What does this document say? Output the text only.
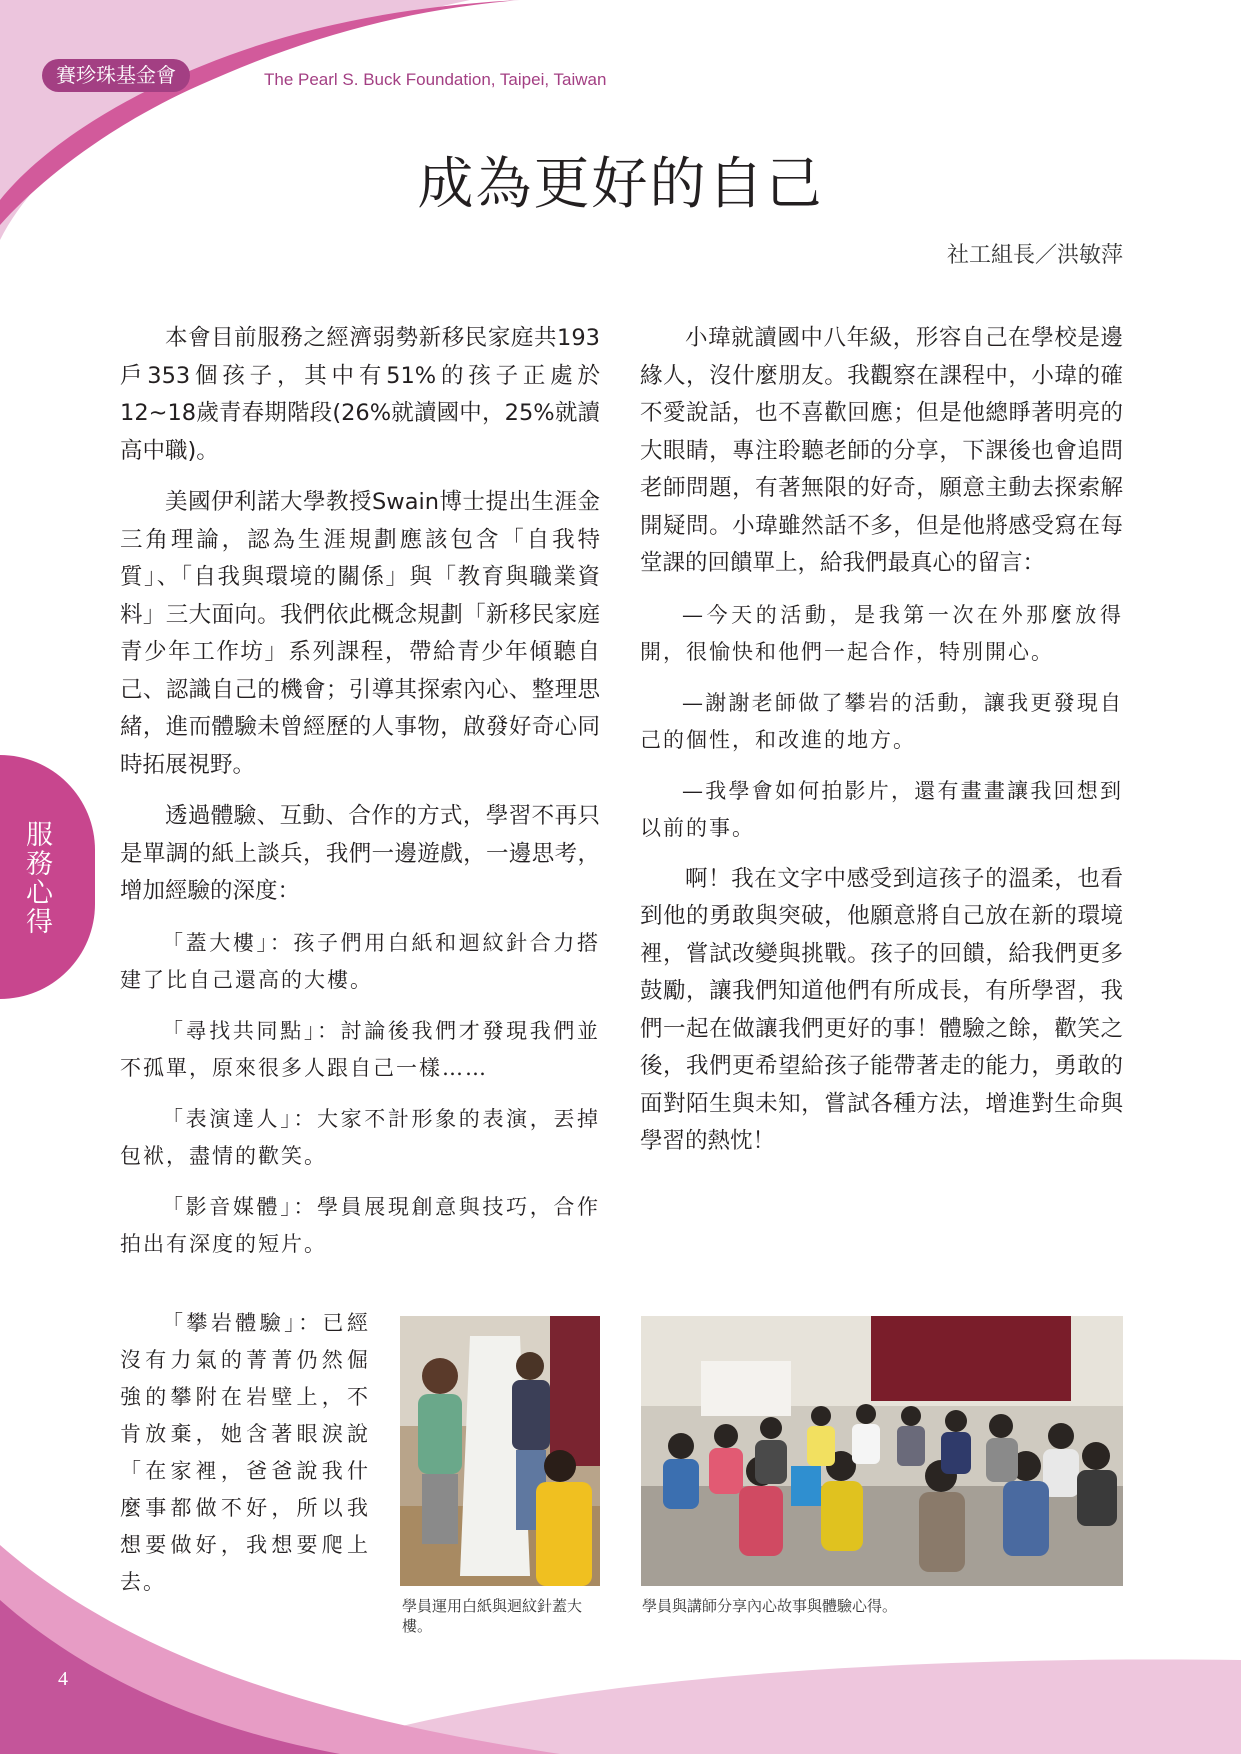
賽珍珠基金會	The Pearl S. Buck Foundation, Taipei, Taiwan
成為更好的自己
社工組長／洪敏萍
服務心得

本會目前服務之經濟弱勢新移民家庭共193戶353個孩子，其中有51%的孩子正處於12~18歲青春期階段(26%就讀國中，25%就讀高中職)。

美國伊利諾大學教授Swain博士提出生涯金三角理論，認為生涯規劃應該包含「自我特質」、「自我與環境的關係」與「教育與職業資料」三大面向。我們依此概念規劃「新移民家庭青少年工作坊」系列課程，帶給青少年傾聽自己、認識自己的機會；引導其探索內心、整理思緒，進而體驗未曾經歷的人事物，啟發好奇心同時拓展視野。

透過體驗、互動、合作的方式，學習不再只是單調的紙上談兵，我們一邊遊戲，一邊思考，增加經驗的深度：

「蓋大樓」：孩子們用白紙和迴紋針合力搭建了比自己還高的大樓。

「尋找共同點」：討論後我們才發現我們並不孤單，原來很多人跟自己一樣……

「表演達人」：大家不計形象的表演，丟掉包袱，盡情的歡笑。

「影音媒體」：學員展現創意與技巧，合作拍出有深度的短片。

「攀岩體驗」：已經沒有力氣的菁菁仍然倔強的攀附在岩壁上，不肯放棄，她含著眼淚說「在家裡，爸爸說我什麼事都做不好，所以我想要做好，我想要爬上去。

小瑋就讀國中八年級，形容自己在學校是邊緣人，沒什麼朋友。我觀察在課程中，小瑋的確不愛說話，也不喜歡回應；但是他總睜著明亮的大眼睛，專注聆聽老師的分享，下課後也會追問老師問題，有著無限的好奇，願意主動去探索解開疑問。小瑋雖然話不多，但是他將感受寫在每堂課的回饋單上，給我們最真心的留言：

—今天的活動，是我第一次在外那麼放得開，很愉快和他們一起合作，特別開心。

—謝謝老師做了攀岩的活動，讓我更發現自己的個性，和改進的地方。

—我學會如何拍影片，還有畫畫讓我回想到以前的事。

啊！我在文字中感受到這孩子的溫柔，也看到他的勇敢與突破，他願意將自己放在新的環境裡，嘗試改變與挑戰。孩子的回饋，給我們更多鼓勵，讓我們知道他們有所成長，有所學習，我們一起在做讓我們更好的事！體驗之餘，歡笑之後，我們更希望給孩子能帶著走的能力，勇敢的面對陌生與未知，嘗試各種方法，增進對生命與學習的熱忱！

學員運用白紙與迴紋針蓋大樓。
學員與講師分享內心故事與體驗心得。
4
